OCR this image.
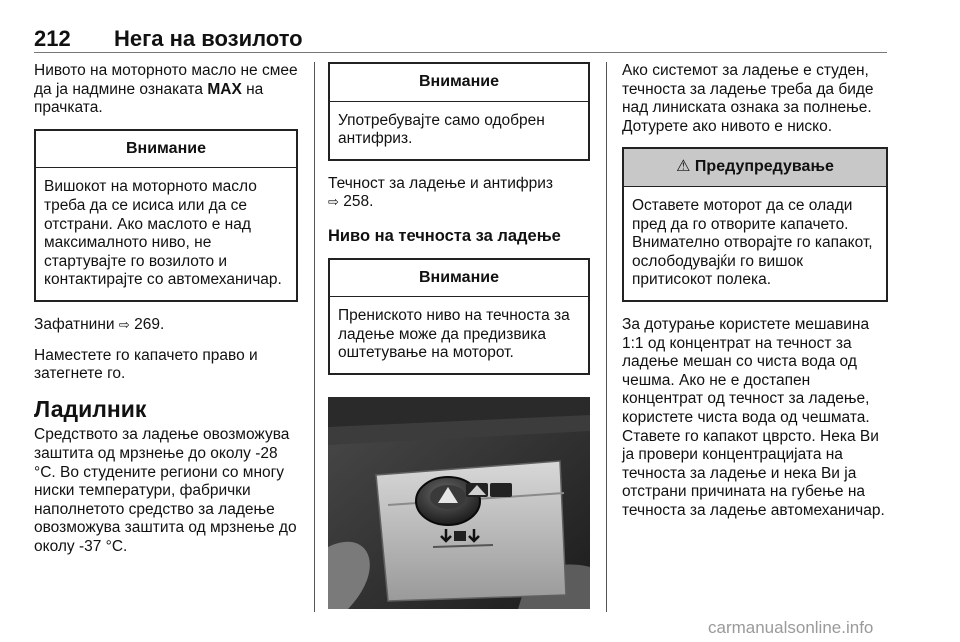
212 Нега на возилото

Нивото на моторното масло не смее да ја надмине ознаката MAX на прачката.

Внимание
Вишокот на моторното масло треба да се исиса или да се отстрани. Ако маслото е над максималното ниво, не стартувајте го возилото и контактирајте со автомеханичар.

Зафатнини ⇨ 269.

Наместете го капачето право и затегнете го.

Ладилник

Средството за ладење овозможува заштита од мрзнење до околу -28 °C. Во студените региони со многу ниски температури, фабрички наполнетото средство за ладење овозможува заштита од мрзнење до околу -37 °C.

Внимание
Употребувајте само одобрен антифриз.

Течност за ладење и антифриз
⇨ 258.

Ниво на течноста за ладење
Внимание
Прениското ниво на течноста за ладење може да предизвика оштетување на моторот.

Ако системот за ладење е студен, течноста за ладење треба да биде над линиската ознака за полнење. Дотурете ако нивото е ниско.

⚠ Предупредување
Оставете моторот да се олади пред да го отворите капачето. Внимателно отворајте го капакот, ослободувајќи го вишок притисокот полека.

За дотурање користете мешавина 1:1 од концентрат на течност за ладење мешан со чиста вода од чешма. Ако не е достапен концентрат од течност за ладење, користете чиста вода од чешмата. Ставете го капакот цврсто. Нека Ви ја провери концентрацијата на течноста за ладење и нека Ви ја отстрани причината на губење на течноста за ладење автомеханичар.

carmanualsonline.info
